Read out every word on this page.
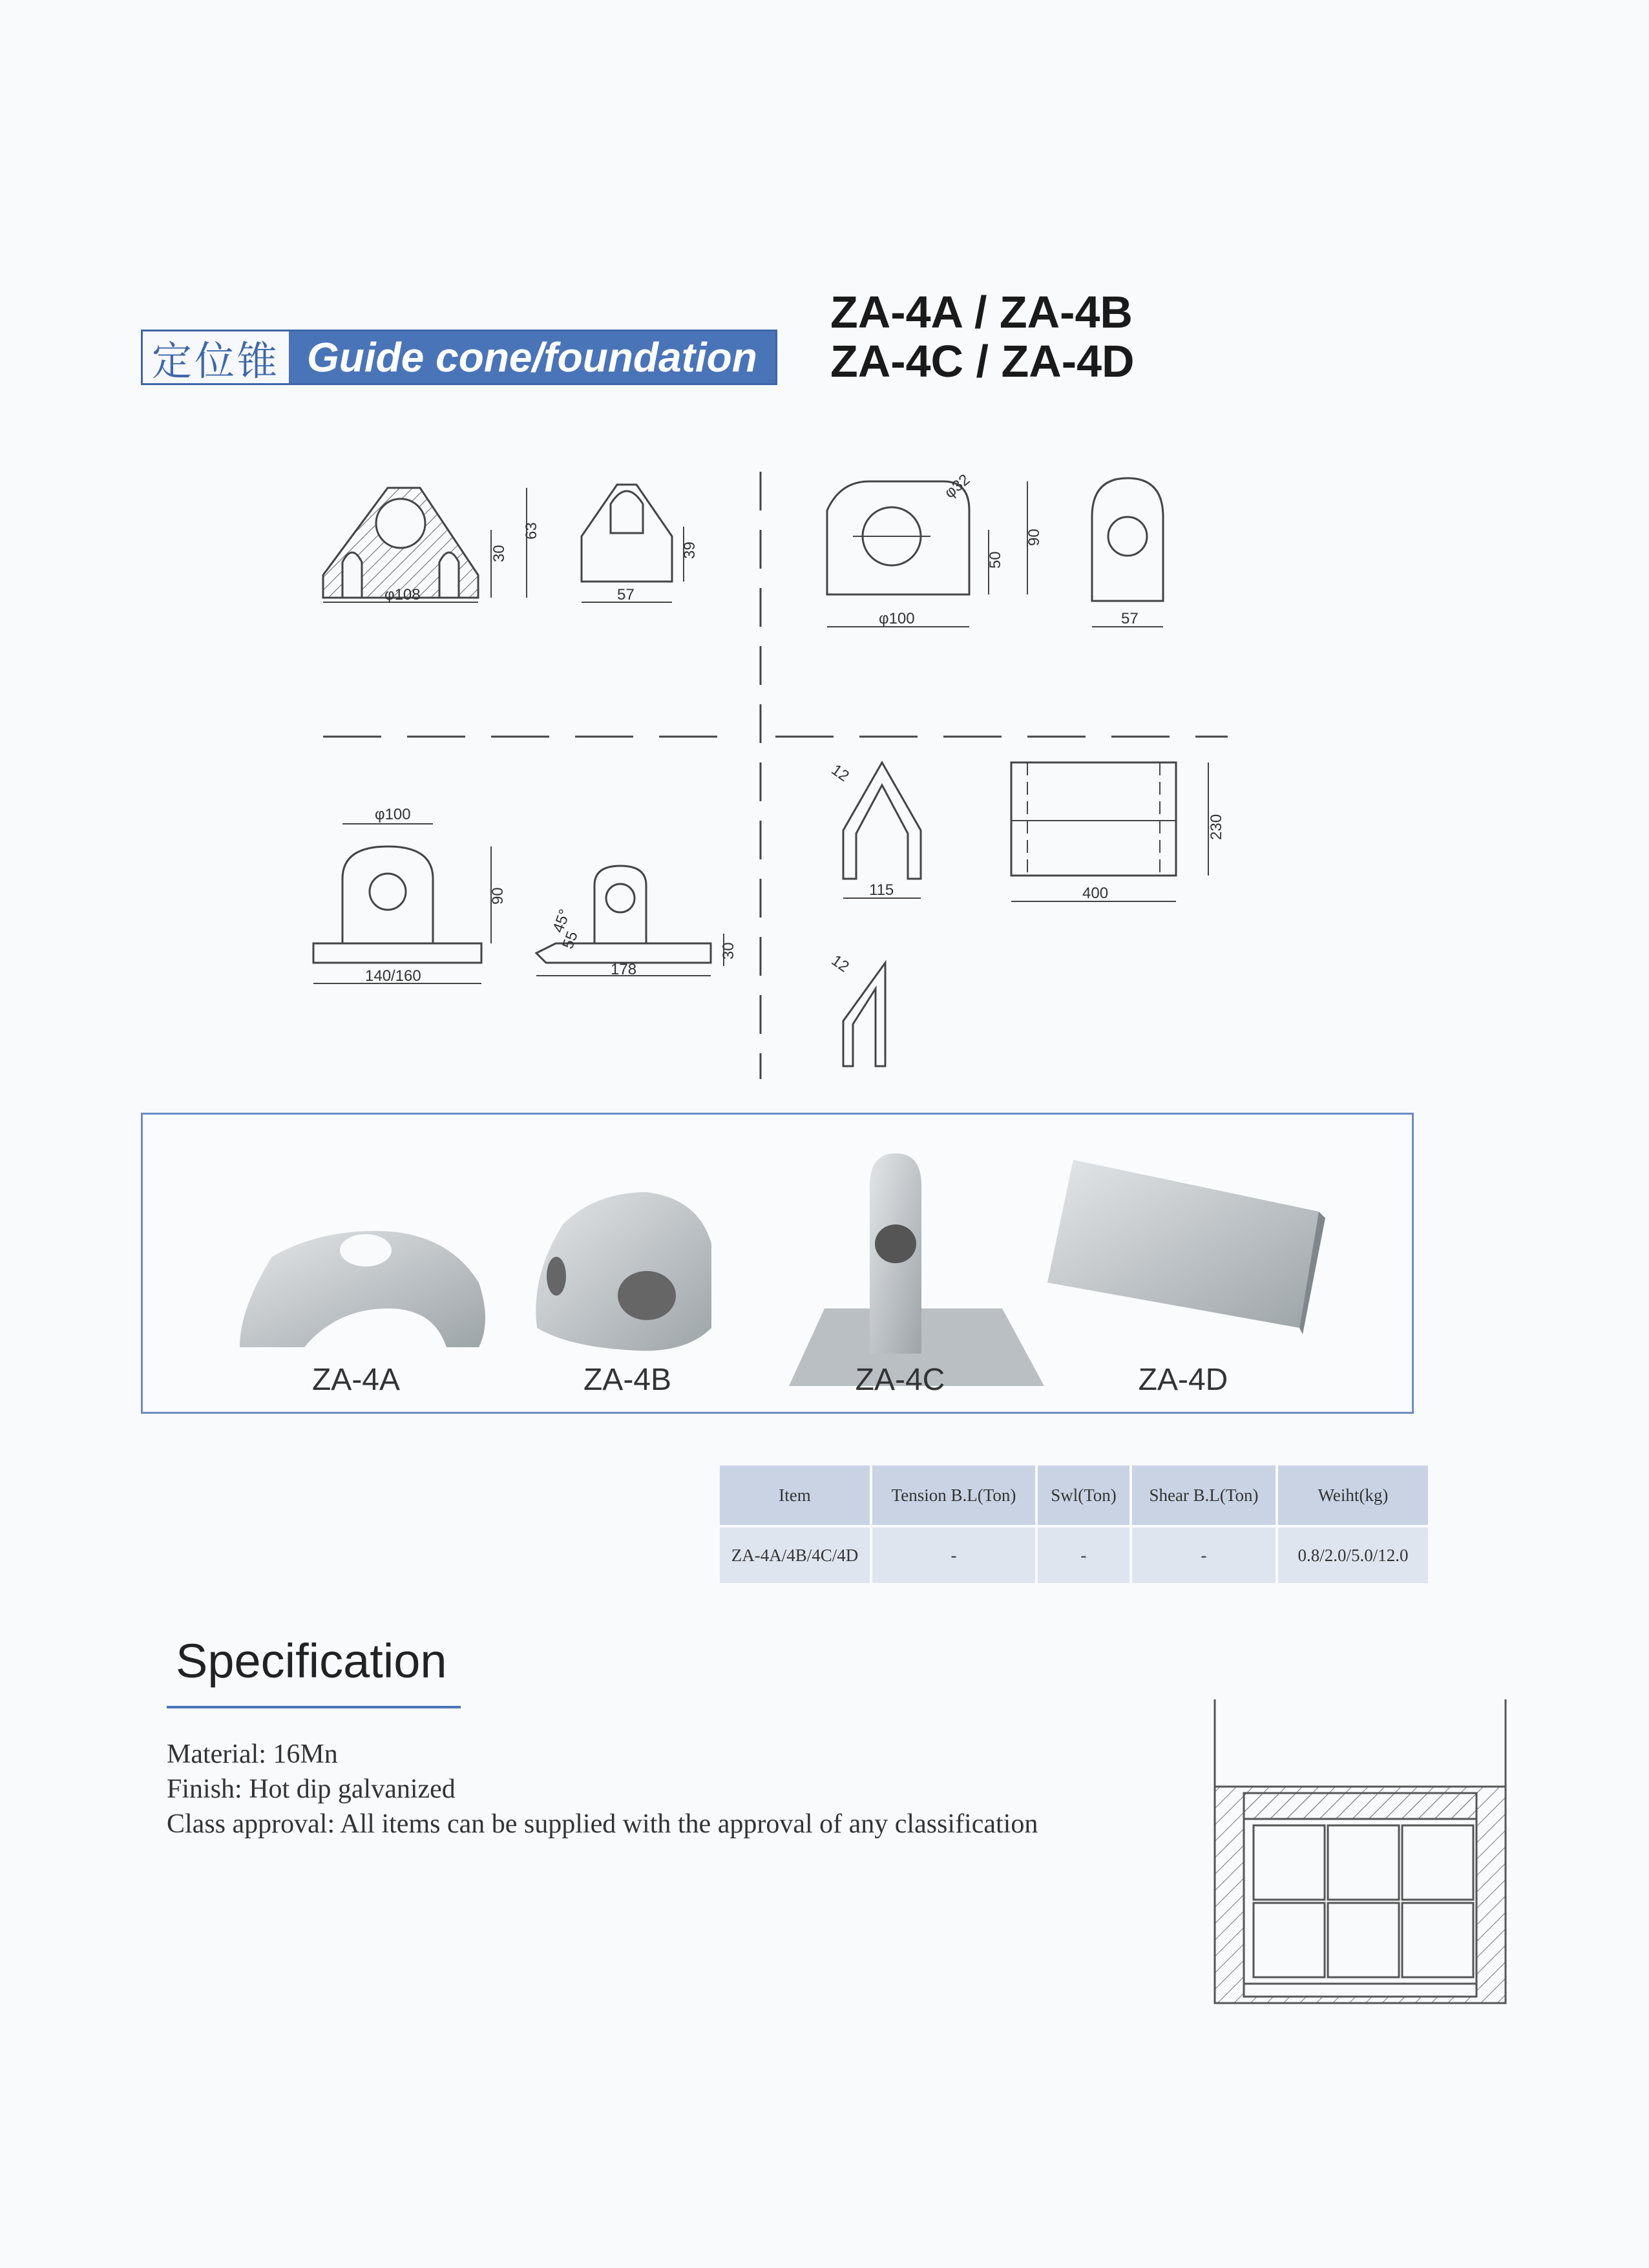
定位锥 Guide cone/foundation
ZA-4A / ZA-4B
ZA-4C / ZA-4D
φ108
30
63
57
39
φ100
φ32
50
90
57
φ100
90
140/160	178
45°
55	30
12
115
12
400
230
ZA-4A	ZA-4B	ZA-4C	ZA-4D
Item	Tension B.L(Ton)	Swl(Ton)	Shear B.L(Ton)	Weiht(kg)
ZA-4A/4B/4C/4D	-	-	-	0.8/2.0/5.0/12.0
Specification
Material: 16Mn
Finish: Hot dip galvanized
Class approval: All items can be supplied with the approval of any classification
